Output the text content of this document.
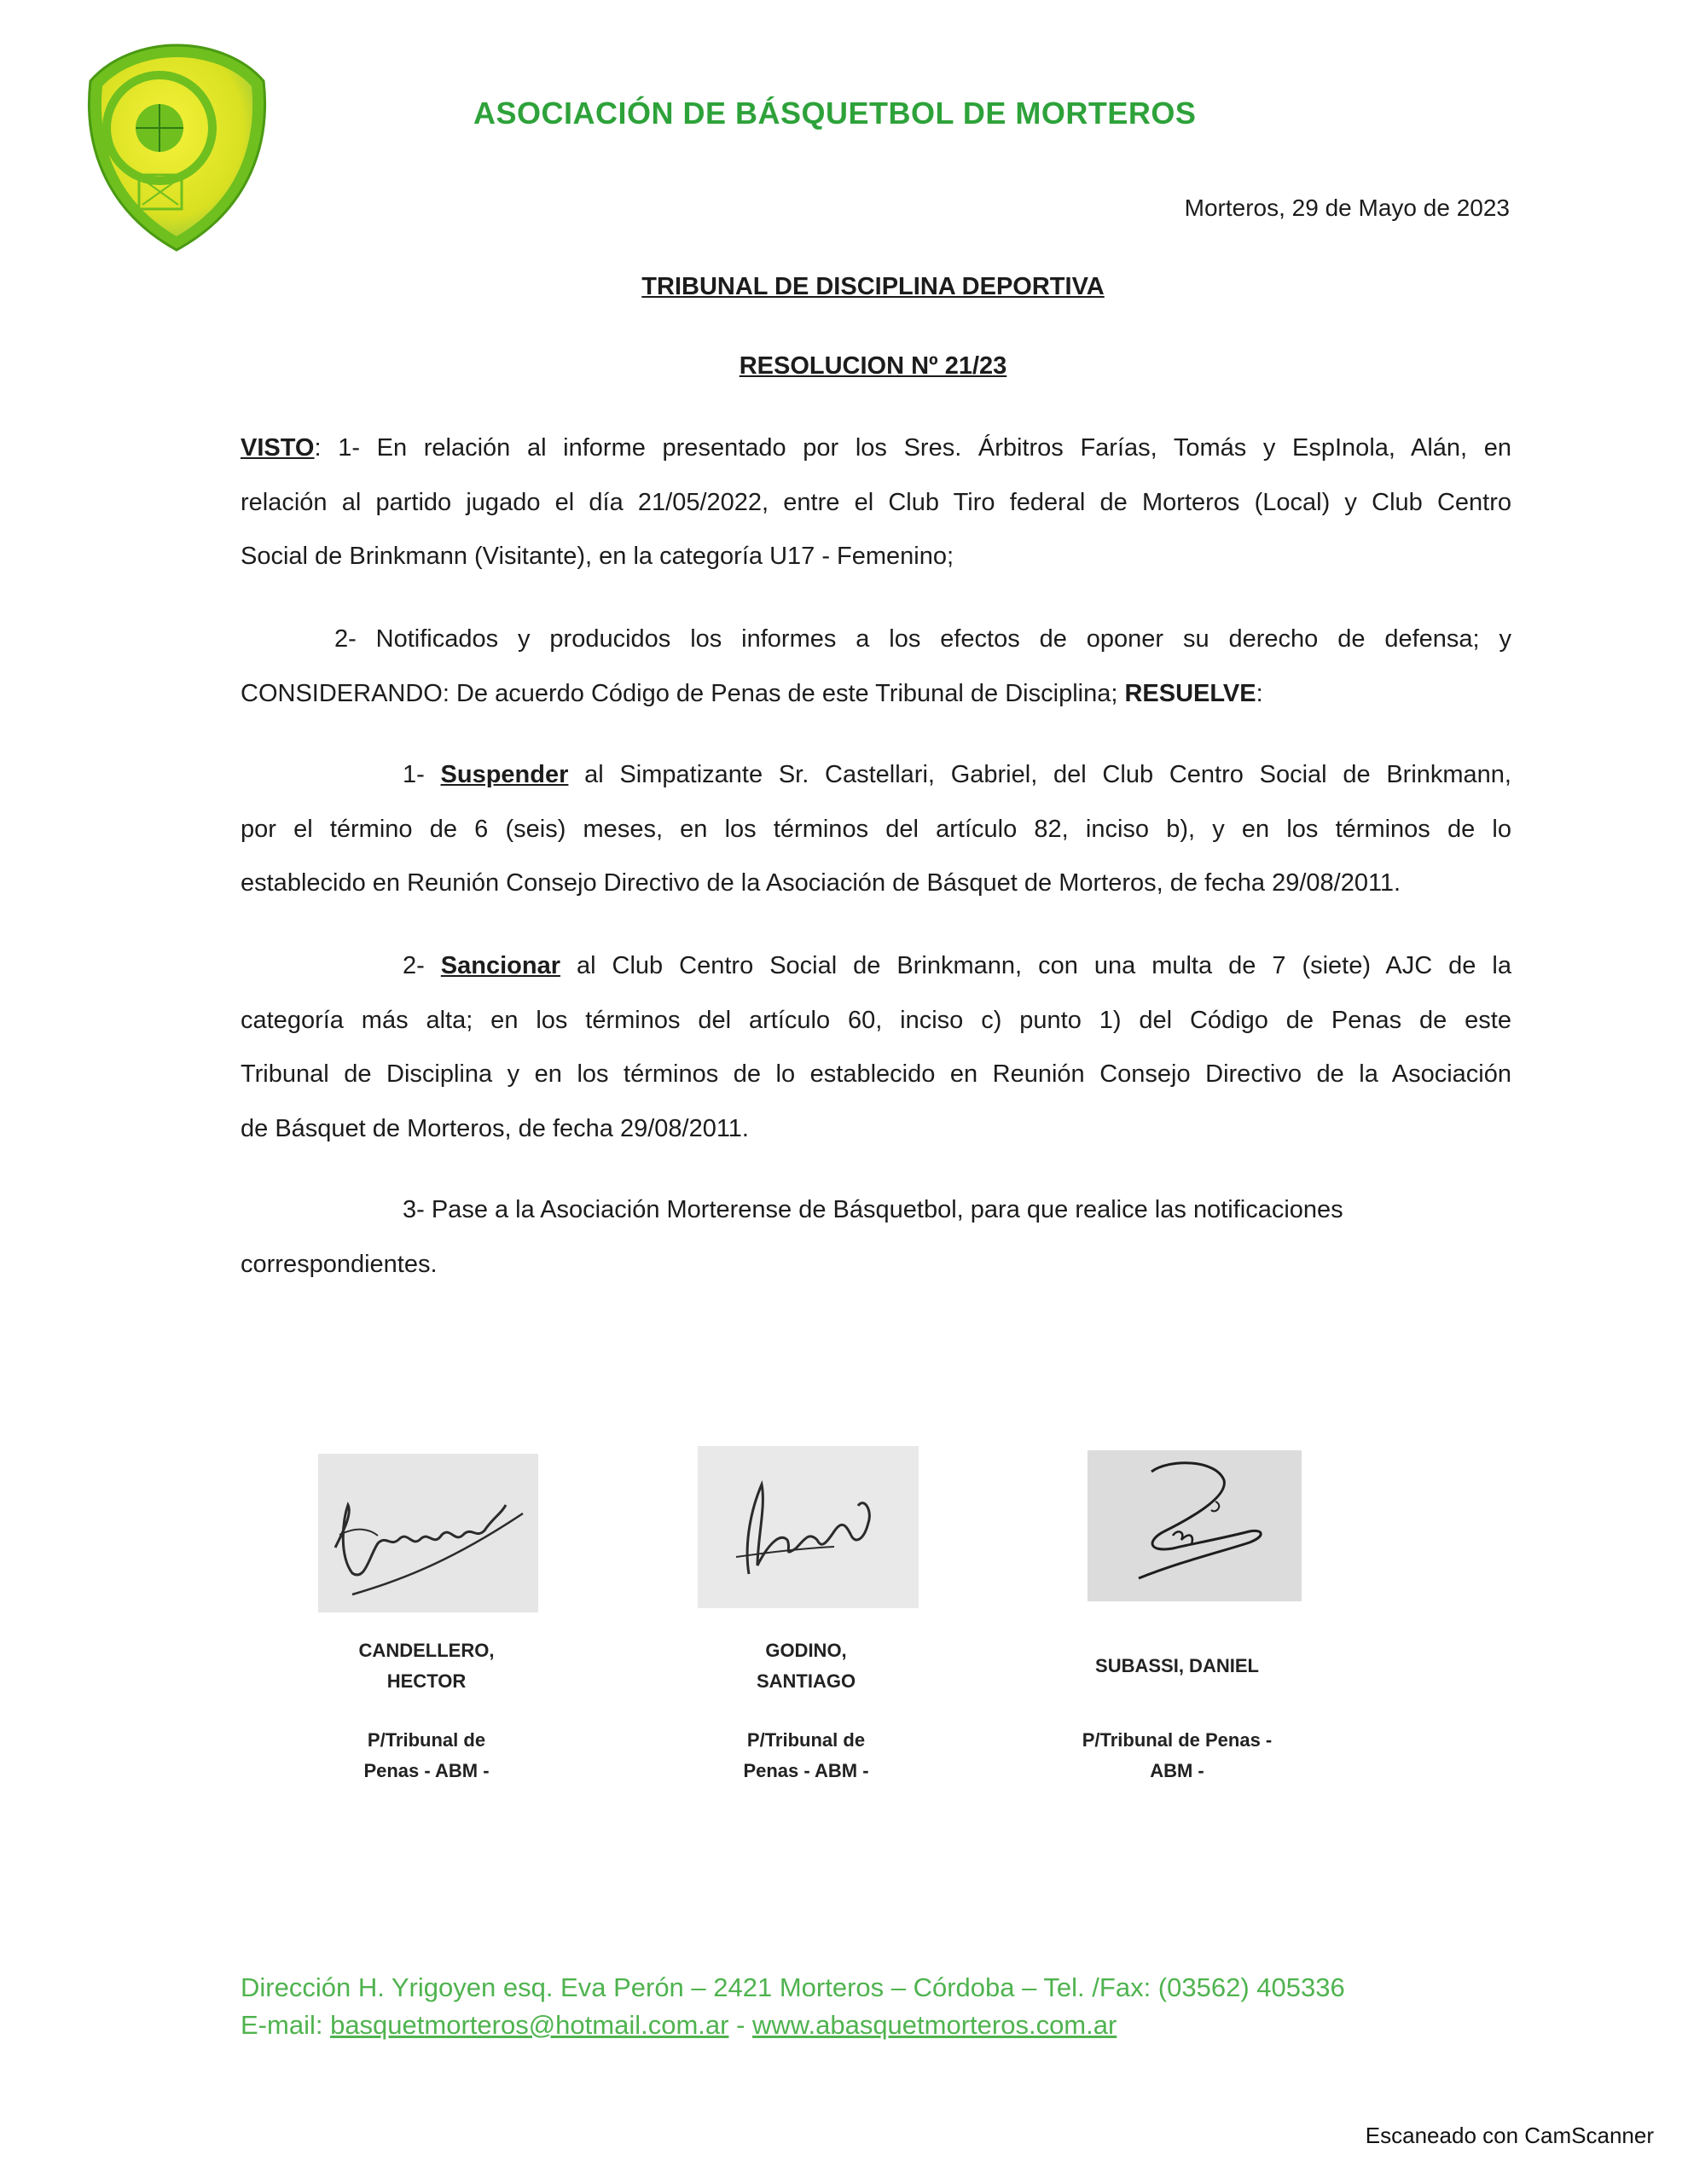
ASOCIACIÓN DE BÁSQUETBOL DE MORTEROS
Morteros, 29 de Mayo de 2023
TRIBUNAL DE DISCIPLINA DEPORTIVA
RESOLUCION Nº 21/23
VISTO: 1- En relación al informe presentado por los Sres. Árbitros Farías, Tomás y EspInola, Alán, en
relación al partido jugado el día 21/05/2022, entre el Club Tiro federal de Morteros (Local) y Club Centro
Social de Brinkmann (Visitante), en la categoría U17 - Femenino;
2- Notificados y producidos los informes a los efectos de oponer su derecho de defensa; y
CONSIDERANDO: De acuerdo Código de Penas de este Tribunal de Disciplina; RESUELVE:
1- Suspender al Simpatizante Sr. Castellari, Gabriel, del Club Centro Social de Brinkmann,
por el término de 6 (seis) meses, en los términos del artículo 82, inciso b), y en los términos de lo
establecido en Reunión Consejo Directivo de la Asociación de Básquet de Morteros, de fecha 29/08/2011.
2- Sancionar al Club Centro Social de Brinkmann, con una multa de 7 (siete) AJC de la
categoría más alta; en los términos del artículo 60, inciso c) punto 1) del Código de Penas de este
Tribunal de Disciplina y en los términos de lo establecido en Reunión Consejo Directivo de la Asociación
de Básquet de Morteros, de fecha 29/08/2011.
3- Pase a la Asociación Morterense de Básquetbol, para que realice las notificaciones
correspondientes.
CANDELLERO,
HECTOR
GODINO,
SANTIAGO
SUBASSI, DANIEL
P/Tribunal de
Penas - ABM -
P/Tribunal de
Penas - ABM -
P/Tribunal de Penas -
ABM -
Dirección H. Yrigoyen esq. Eva Perón – 2421 Morteros – Córdoba – Tel. /Fax: (03562) 405336
E-mail: basquetmorteros@hotmail.com.ar - www.abasquetmorteros.com.ar
Escaneado con CamScanner
